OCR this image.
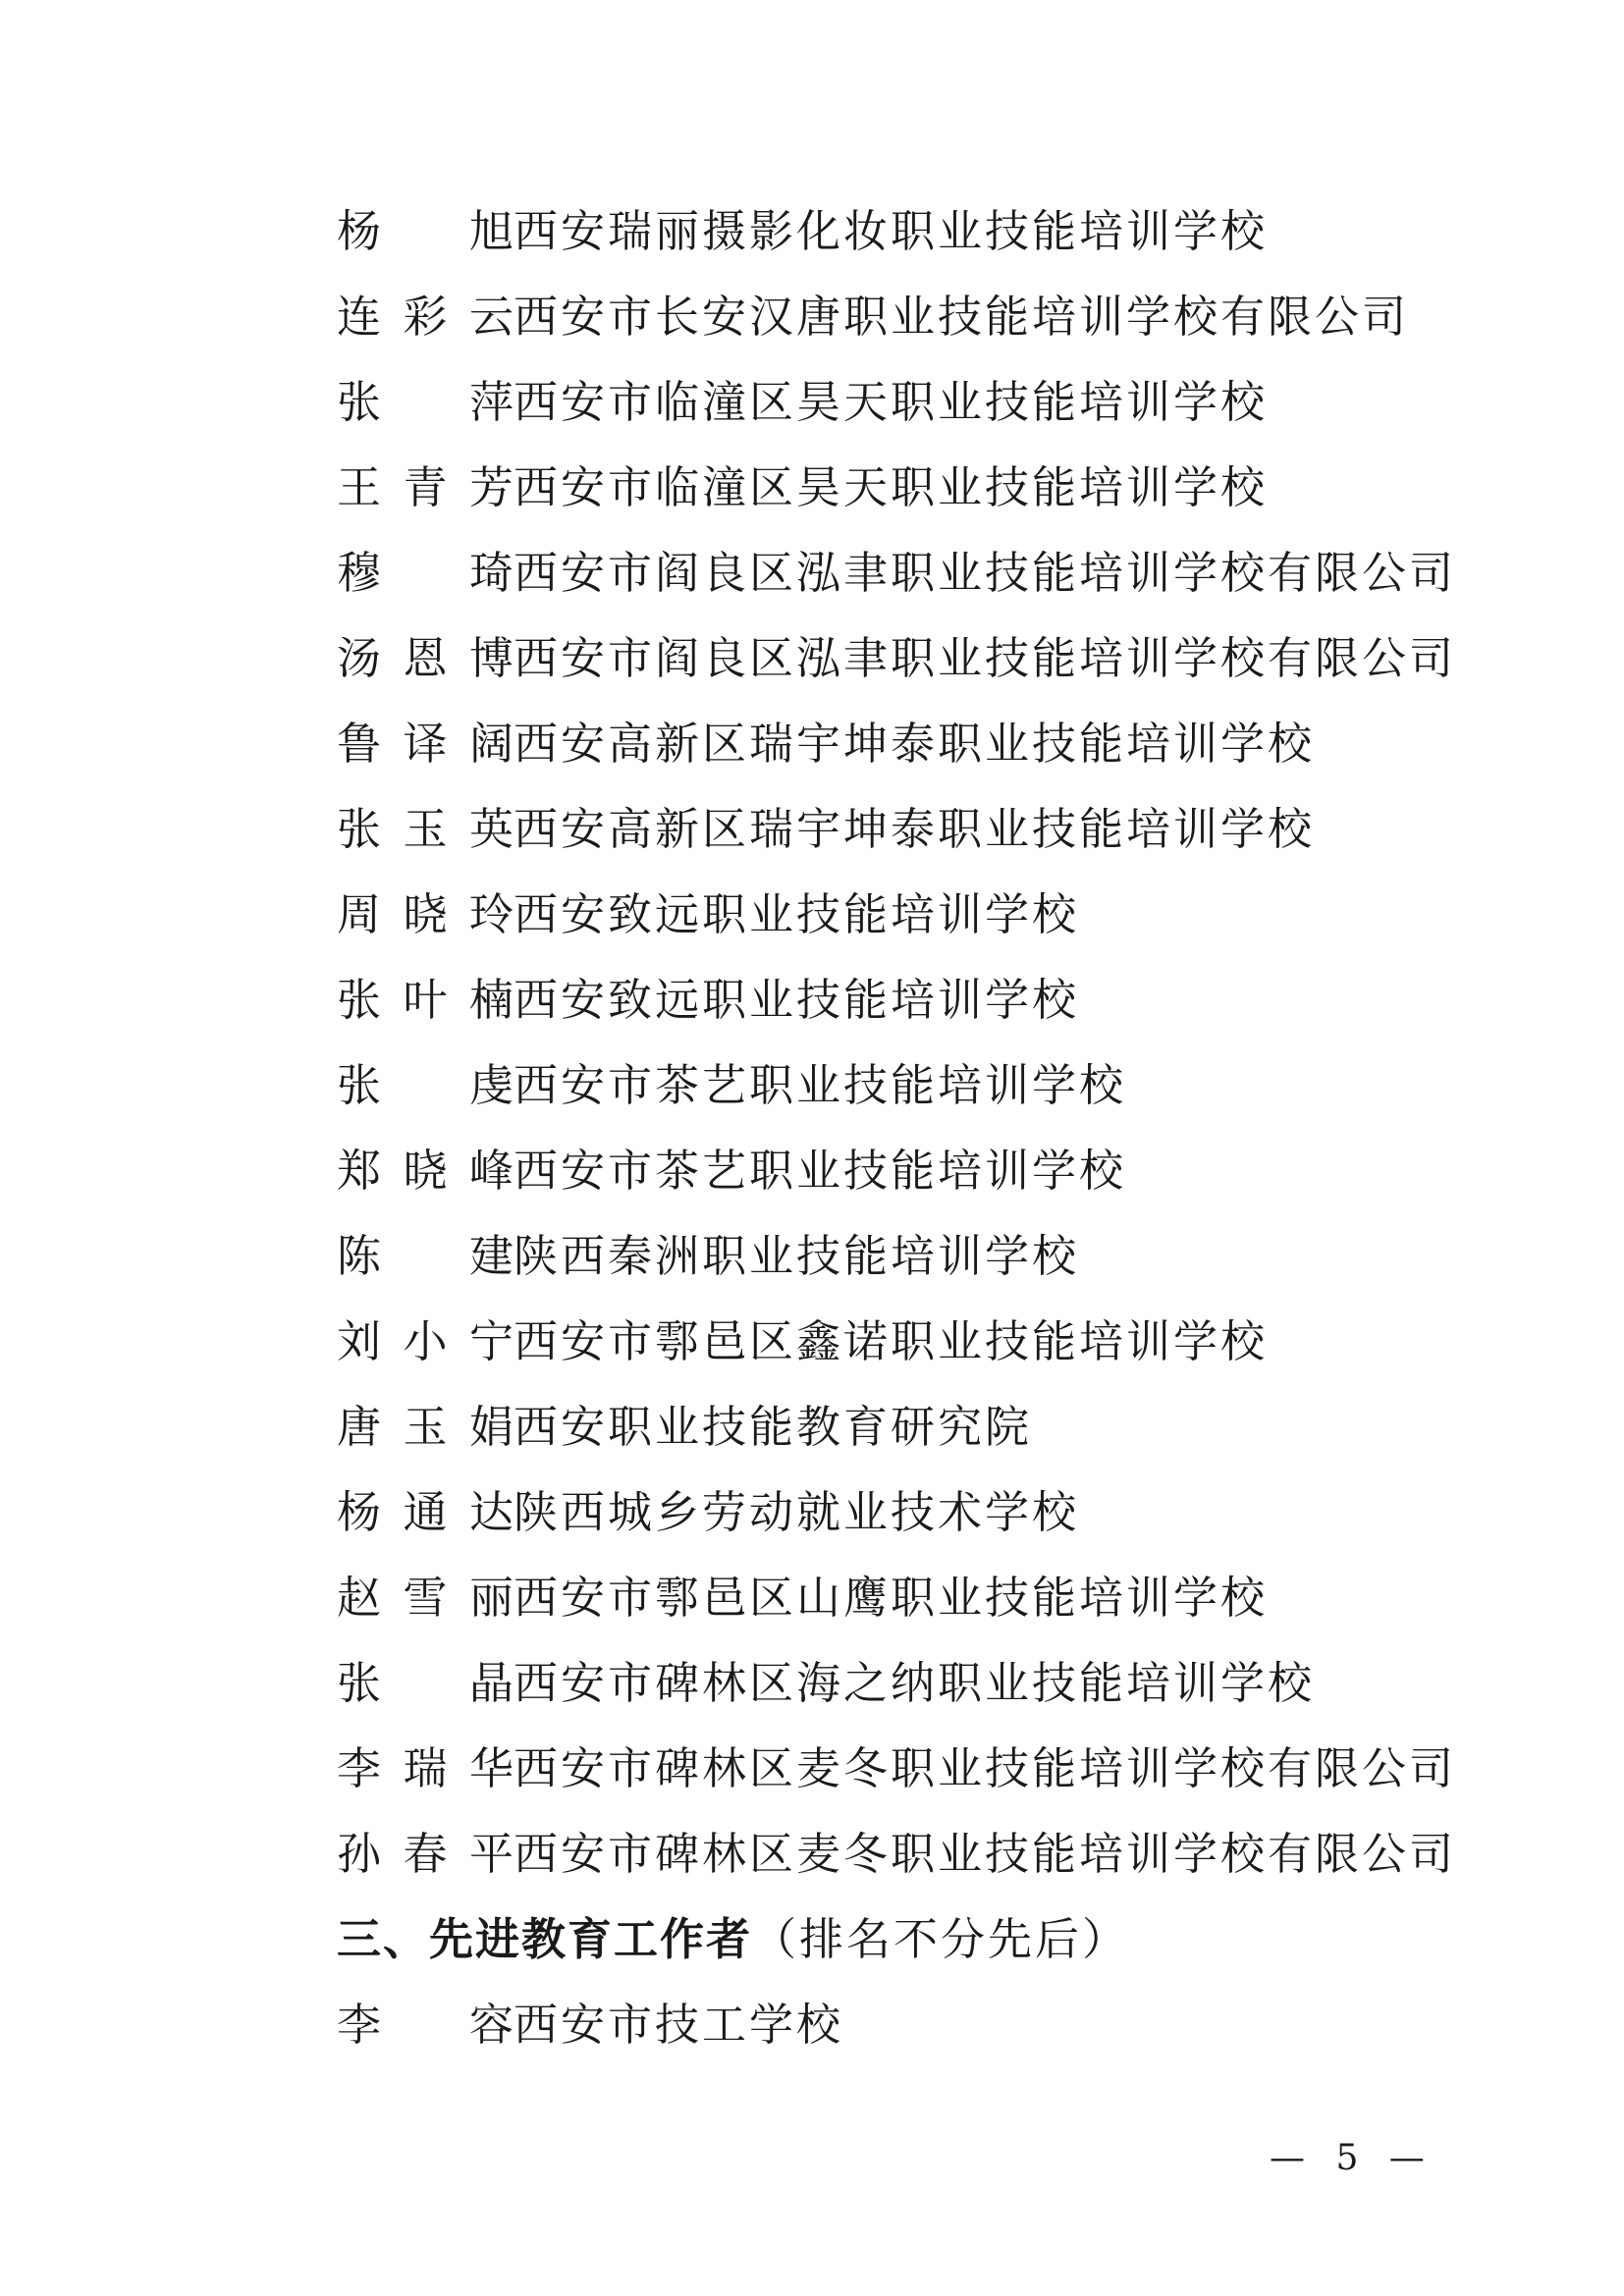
杨　旭西安瑞丽摄影化妆职业技能培训学校
连彩云西安市长安汉唐职业技能培训学校有限公司
张　萍西安市临潼区昊天职业技能培训学校
王青芳西安市临潼区昊天职业技能培训学校
穆　琦西安市阎良区泓聿职业技能培训学校有限公司
汤恩博西安市阎良区泓聿职业技能培训学校有限公司
鲁译阔西安高新区瑞宇坤泰职业技能培训学校
张玉英西安高新区瑞宇坤泰职业技能培训学校
周晓玲西安致远职业技能培训学校
张叶楠西安致远职业技能培训学校
张　虔西安市茶艺职业技能培训学校
郑晓峰西安市茶艺职业技能培训学校
陈　建陕西秦洲职业技能培训学校
刘小宁西安市鄠邑区鑫诺职业技能培训学校
唐玉娟西安职业技能教育研究院
杨通达陕西城乡劳动就业技术学校
赵雪丽西安市鄠邑区山鹰职业技能培训学校
张　晶西安市碑林区海之纳职业技能培训学校
李瑞华西安市碑林区麦冬职业技能培训学校有限公司
孙春平西安市碑林区麦冬职业技能培训学校有限公司
三、先进教育工作者（排名不分先后）
李　容西安市技工学校
— 5 —
